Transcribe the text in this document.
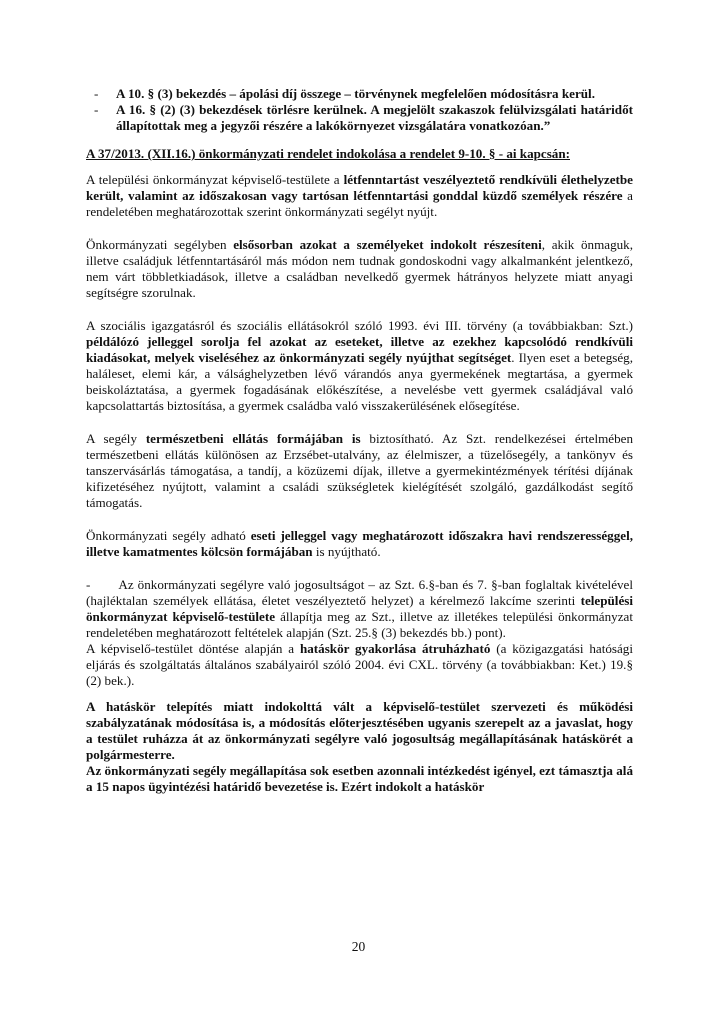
-	A 10. § (3) bekezdés – ápolási díj összege – törvénynek megfelelően módosításra kerül.
-	A 16. § (2) (3) bekezdések törlésre kerülnek. A megjelölt szakaszok felülvizsgálati határidőt állapítottak meg a jegyzői részére a lakókörnyezet vizsgálatára vonatkozóan.”

A 37/2013. (XII.16.) önkormányzati rendelet indokolása a rendelet 9-10. § - ai kapcsán:

A települési önkormányzat képviselő-testülete a létfenntartást veszélyeztető rendkívüli élethelyzetbe került, valamint az időszakosan vagy tartósan létfenntartási gonddal küzdő személyek részére a rendeletében meghatározottak szerint önkormányzati segélyt nyújt.

Önkormányzati segélyben elsősorban azokat a személyeket indokolt részesíteni, akik önmaguk, illetve családjuk létfenntartásáról más módon nem tudnak gondoskodni vagy alkalmanként jelentkező, nem várt többletkiadások, illetve a családban nevelkedő gyermek hátrányos helyzete miatt anyagi segítségre szorulnak.

A szociális igazgatásról és szociális ellátásokról szóló 1993. évi III. törvény (a továbbiakban: Szt.) példálózó jelleggel sorolja fel azokat az eseteket, illetve az ezekhez kapcsolódó rendkívüli kiadásokat, melyek viseléséhez az önkormányzati segély nyújthat segítséget. Ilyen eset a betegség, haláleset, elemi kár, a válsághelyzetben lévő várandós anya gyermekének megtartása, a gyermek beiskoláztatása, a gyermek fogadásának előkészítése, a nevelésbe vett gyermek családjával való kapcsolattartás biztosítása, a gyermek családba való visszakerülésének elősegítése.

A segély természetbeni ellátás formájában is biztosítható. Az Szt. rendelkezései értelmében természetbeni ellátás különösen az Erzsébet-utalvány, az élelmiszer, a tüzelősegély, a tankönyv és tanszervásárlás támogatása, a tandíj, a közüzemi díjak, illetve a gyermekintézmények térítési díjának kifizetéséhez nyújtott, valamint a családi szükségletek kielégítését szolgáló, gazdálkodást segítő támogatás.

Önkormányzati segély adható eseti jelleggel vagy meghatározott időszakra havi rendszerességgel, illetve kamatmentes kölcsön formájában is nyújtható.

- Az önkormányzati segélyre való jogosultságot – az Szt. 6.§-ban és 7. §-ban foglaltak kivételével (hajléktalan személyek ellátása, életet veszélyeztető helyzet) a kérelmező lakcíme szerinti települési önkormányzat képviselő-testülete állapítja meg az Szt., illetve az illetékes települési önkormányzat rendeletében meghatározott feltételek alapján (Szt. 25.§ (3) bekezdés bb.) pont).

A képviselő-testület döntése alapján a hatáskör gyakorlása átruházható (a közigazgatási hatósági eljárás és szolgáltatás általános szabályairól szóló 2004. évi CXL. törvény (a továbbiakban: Ket.) 19.§ (2) bek.).

A hatáskör telepítés miatt indokolttá vált a képviselő-testület szervezeti és működési szabályzatának módosítása is, a módosítás előterjesztésében ugyanis szerepelt az a javaslat, hogy a testület ruházza át az önkormányzati segélyre való jogosultság megállapításának hatáskörét a polgármesterre.

Az önkormányzati segély megállapítása sok esetben azonnali intézkedést igényel, ezt támasztja alá a 15 napos ügyintézési határidő bevezetése is. Ezért indokolt a hatáskör

20
